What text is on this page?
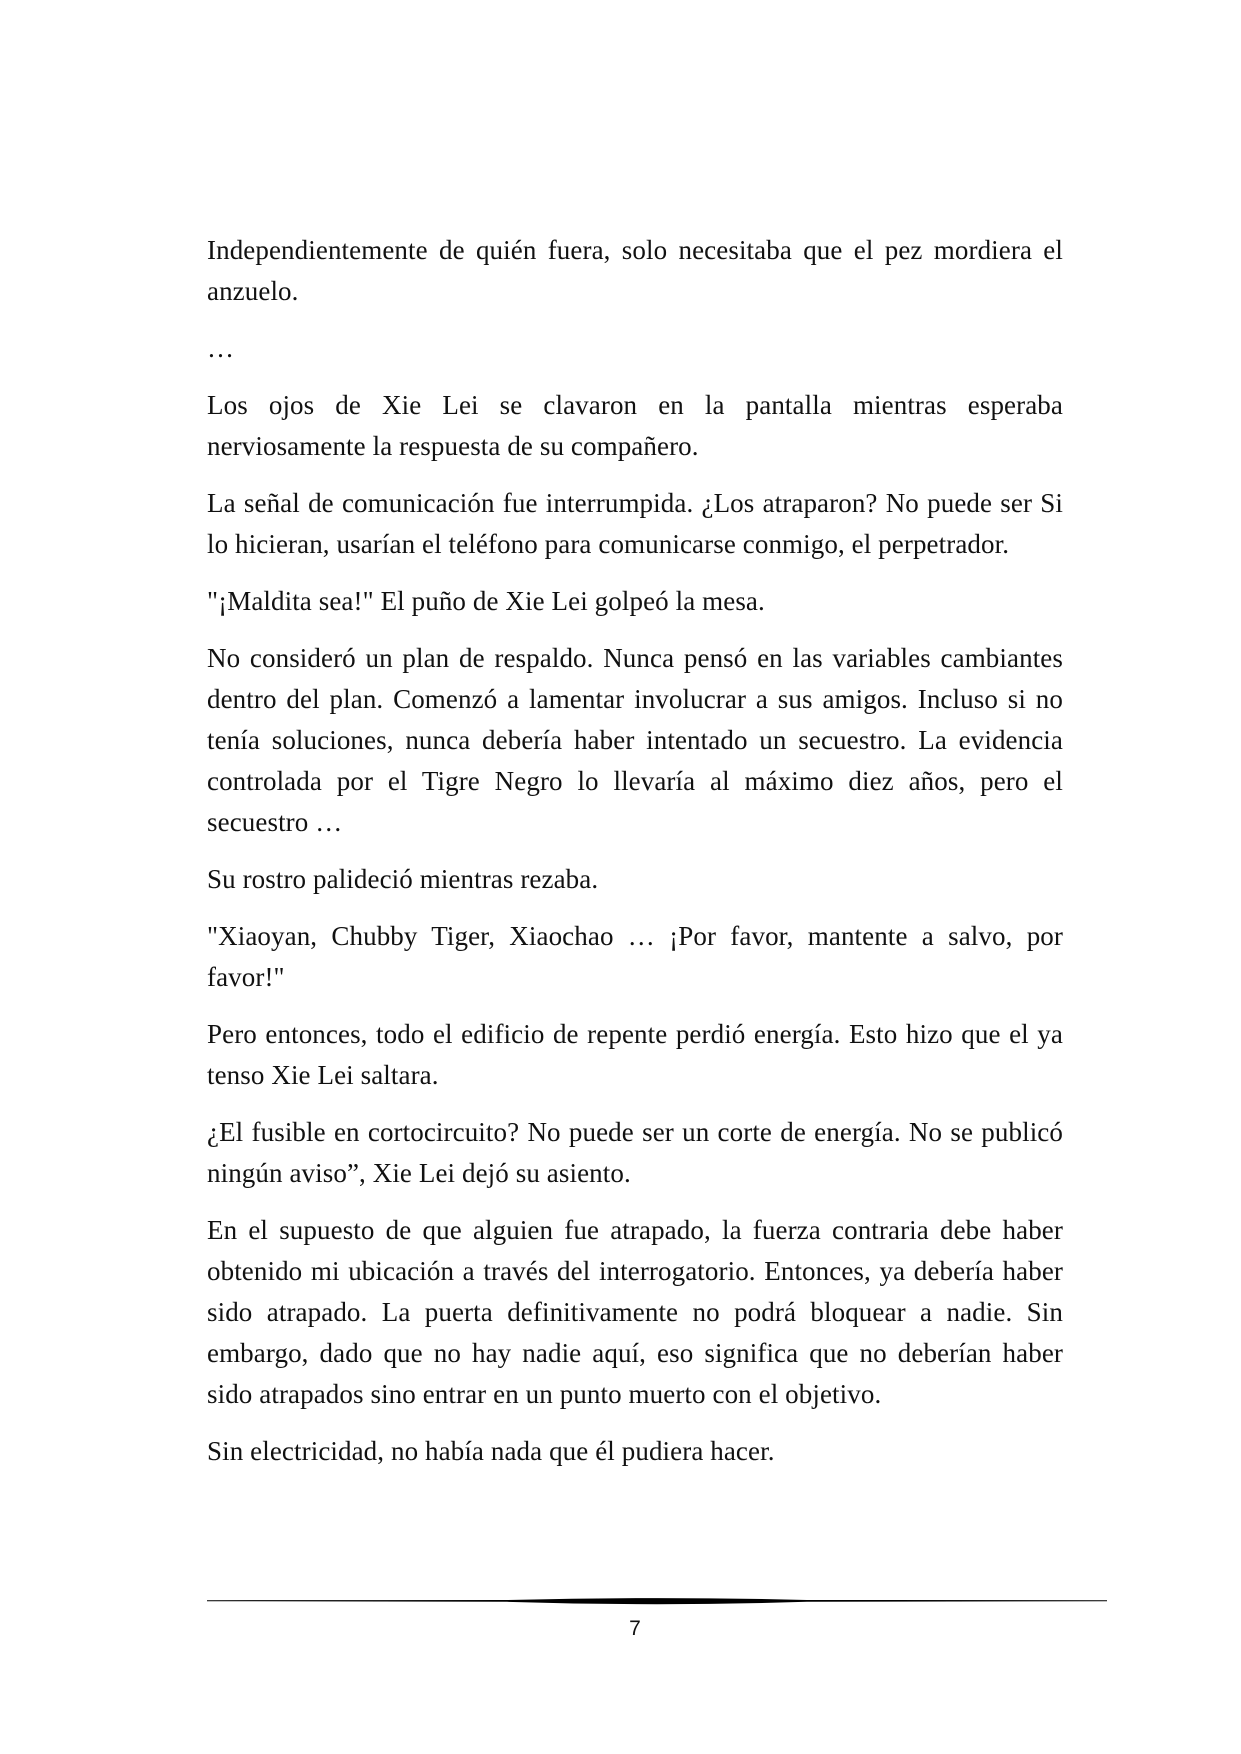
Independientemente de quién fuera, solo necesitaba que el pez mordiera el anzuelo.

…

Los ojos de Xie Lei se clavaron en la pantalla mientras esperaba nerviosamente la respuesta de su compañero.

La señal de comunicación fue interrumpida. ¿Los atraparon? No puede ser Si lo hicieran, usarían el teléfono para comunicarse conmigo, el perpetrador.

"¡Maldita sea!" El puño de Xie Lei golpeó la mesa.

No consideró un plan de respaldo. Nunca pensó en las variables cambiantes dentro del plan. Comenzó a lamentar involucrar a sus amigos. Incluso si no tenía soluciones, nunca debería haber intentado un secuestro. La evidencia controlada por el Tigre Negro lo llevaría al máximo diez años, pero el secuestro …

Su rostro palideció mientras rezaba.

"Xiaoyan, Chubby Tiger, Xiaochao … ¡Por favor, mantente a salvo, por favor!"

Pero entonces, todo el edificio de repente perdió energía. Esto hizo que el ya tenso Xie Lei saltara.

¿El fusible en cortocircuito? No puede ser un corte de energía. No se publicó ningún aviso”, Xie Lei dejó su asiento.

En el supuesto de que alguien fue atrapado, la fuerza contraria debe haber obtenido mi ubicación a través del interrogatorio. Entonces, ya debería haber sido atrapado. La puerta definitivamente no podrá bloquear a nadie. Sin embargo, dado que no hay nadie aquí, eso significa que no deberían haber sido atrapados sino entrar en un punto muerto con el objetivo.

Sin electricidad, no había nada que él pudiera hacer.

7
